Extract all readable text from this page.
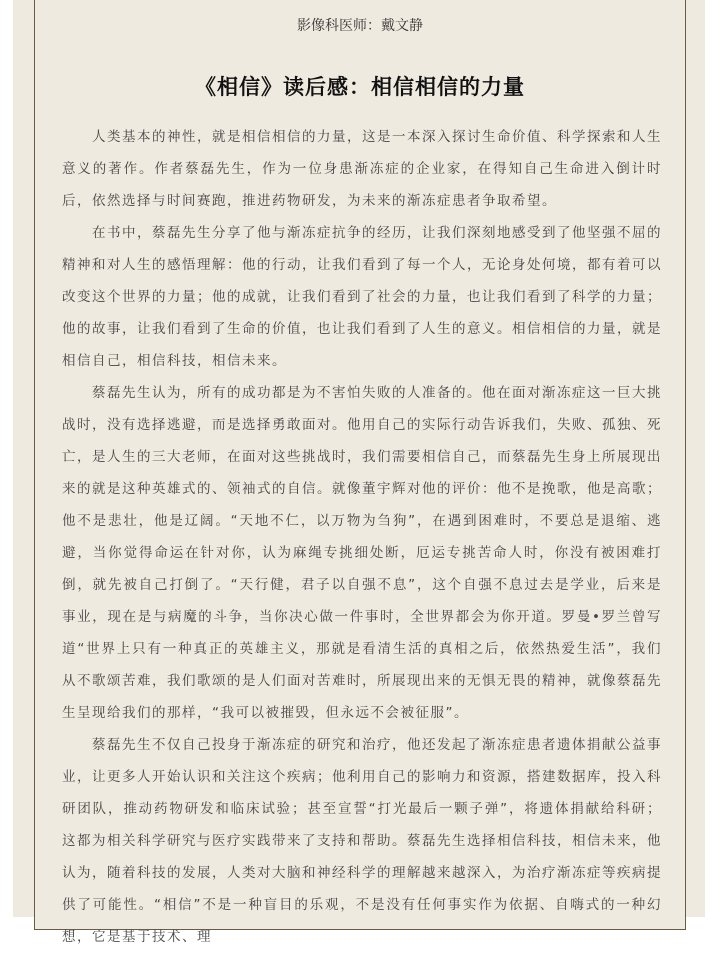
影像科医师：戴文静
《相信》读后感：相信相信的力量

人类基本的神性，就是相信相信的力量，这是一本深入探讨生命价值、科学探索和人生意义的著作。作者蔡磊先生，作为一位身患渐冻症的企业家，在得知自己生命进入倒计时后，依然选择与时间赛跑，推进药物研发，为未来的渐冻症患者争取希望。

在书中，蔡磊先生分享了他与渐冻症抗争的经历，让我们深刻地感受到了他坚强不屈的精神和对人生的感悟理解：他的行动，让我们看到了每一个人，无论身处何境，都有着可以改变这个世界的力量；他的成就，让我们看到了社会的力量，也让我们看到了科学的力量；他的故事，让我们看到了生命的价值，也让我们看到了人生的意义。相信相信的力量，就是相信自己，相信科技，相信未来。

蔡磊先生认为，所有的成功都是为不害怕失败的人准备的。他在面对渐冻症这一巨大挑战时，没有选择逃避，而是选择勇敢面对。他用自己的实际行动告诉我们，失败、孤独、死亡，是人生的三大老师，在面对这些挑战时，我们需要相信自己，而蔡磊先生身上所展现出来的就是这种英雄式的、领袖式的自信。就像董宇辉对他的评价：他不是挽歌，他是高歌；他不是悲壮，他是辽阔。“天地不仁，以万物为刍狗”，在遇到困难时，不要总是退缩、逃避，当你觉得命运在针对你，认为麻绳专挑细处断，厄运专挑苦命人时，你没有被困难打倒，就先被自己打倒了。“天行健，君子以自强不息”，这个自强不息过去是学业，后来是事业，现在是与病魔的斗争，当你决心做一件事时，全世界都会为你开道。罗曼•罗兰曾写道“世界上只有一种真正的英雄主义，那就是看清生活的真相之后，依然热爱生活”，我们从不歌颂苦难，我们歌颂的是人们面对苦难时，所展现出来的无惧无畏的精神，就像蔡磊先生呈现给我们的那样，“我可以被摧毁，但永远不会被征服”。

蔡磊先生不仅自己投身于渐冻症的研究和治疗，他还发起了渐冻症患者遗体捐献公益事业，让更多人开始认识和关注这个疾病；他利用自己的影响力和资源，搭建数据库，投入科研团队，推动药物研发和临床试验；甚至宣誓“打光最后一颗子弹”，将遗体捐献给科研；这都为相关科学研究与医疗实践带来了支持和帮助。蔡磊先生选择相信科技，相信未来，他认为，随着科技的发展，人类对大脑和神经科学的理解越来越深入，为治疗渐冻症等疾病提供了可能性。“相信”不是一种盲目的乐观，不是没有任何事实作为依据、自嗨式的一种幻想，它是基于技术、理
